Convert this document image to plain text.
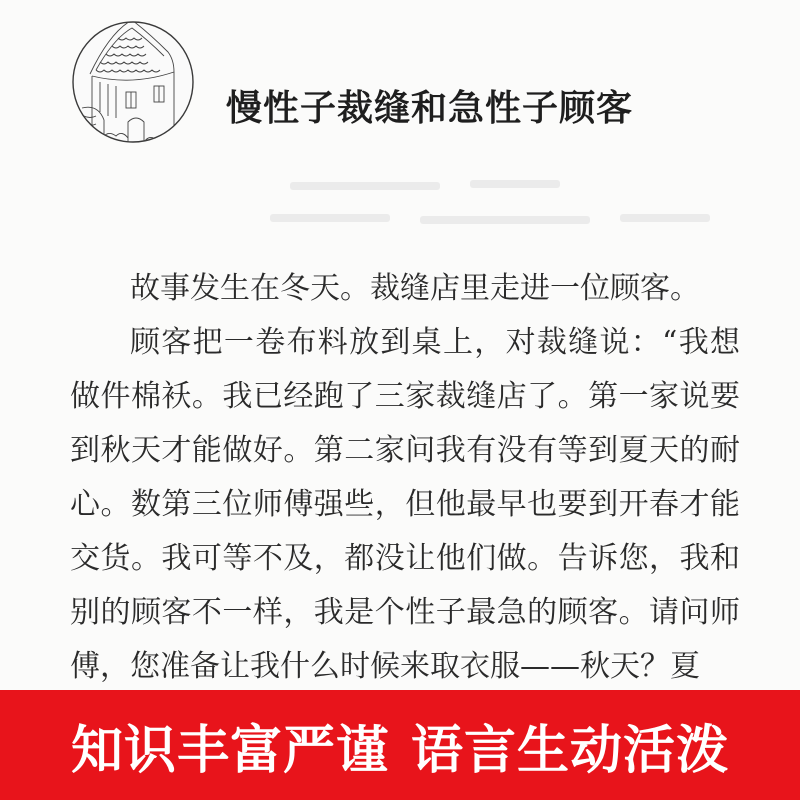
慢性子裁缝和急性子顾客

故事发生在冬天。裁缝店里走进一位顾客。

顾客把一卷布料放到桌上，对裁缝说：“我想做件棉袄。我已经跑了三家裁缝店了。第一家说要到秋天才能做好。第二家问我有没有等到夏天的耐心。数第三位师傅强些，但他最早也要到开春才能交货。我可等不及，都没让他们做。告诉您，我和别的顾客不一样，我是个性子最急的顾客。请问师傅，您准备让我什么时候来取衣服——秋天？夏

知识丰富严谨 语言生动活泼
